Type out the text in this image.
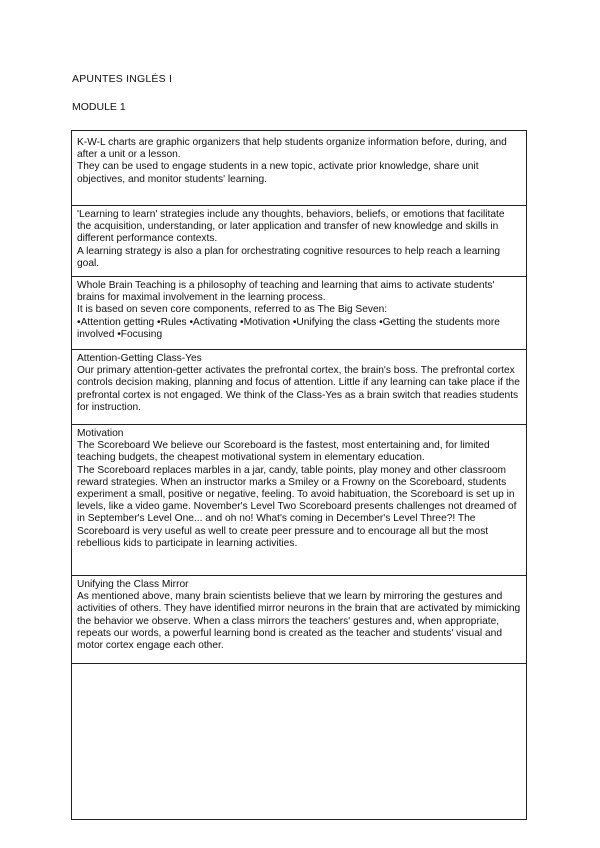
APUNTES INGLÉS I
MODULE 1

K-W-L charts are graphic organizers that help students organize information before, during, and after a unit or a lesson.

They can be used to engage students in a new topic, activate prior knowledge, share unit objectives, and monitor students' learning.

'Learning to learn' strategies include any thoughts, behaviors, beliefs, or emotions that facilitate the acquisition, understanding, or later application and transfer of new knowledge and skills in different performance contexts.

A learning strategy is also a plan for orchestrating cognitive resources to help reach a learning goal.

Whole Brain Teaching is a philosophy of teaching and learning that aims to activate students' brains for maximal involvement in the learning process.

It is based on seven core components, referred to as The Big Seven:

•Attention getting •Rules •Activating •Motivation •Unifying the class •Getting the students more involved •Focusing

Attention-Getting Class-Yes

Our primary attention-getter activates the prefrontal cortex, the brain's boss. The prefrontal cortex controls decision making, planning and focus of attention. Little if any learning can take place if the prefrontal cortex is not engaged. We think of the Class-Yes as a brain switch that readies students for instruction.

Motivation

The Scoreboard We believe our Scoreboard is the fastest, most entertaining and, for limited teaching budgets, the cheapest motivational system in elementary education.

The Scoreboard replaces marbles in a jar, candy, table points, play money and other classroom reward strategies. When an instructor marks a Smiley or a Frowny on the Scoreboard, students experiment a small, positive or negative, feeling. To avoid habituation, the Scoreboard is set up in levels, like a video game. November's Level Two Scoreboard presents challenges not dreamed of in September's Level One... and oh no! What's coming in December's Level Three?! The Scoreboard is very useful as well to create peer pressure and to encourage all but the most rebellious kids to participate in learning activities.

Unifying the Class Mirror

As mentioned above, many brain scientists believe that we learn by mirroring the gestures and activities of others. They have identified mirror neurons in the brain that are activated by mimicking the behavior we observe. When a class mirrors the teachers' gestures and, when appropriate, repeats our words, a powerful learning bond is created as the teacher and students' visual and motor cortex engage each other.
